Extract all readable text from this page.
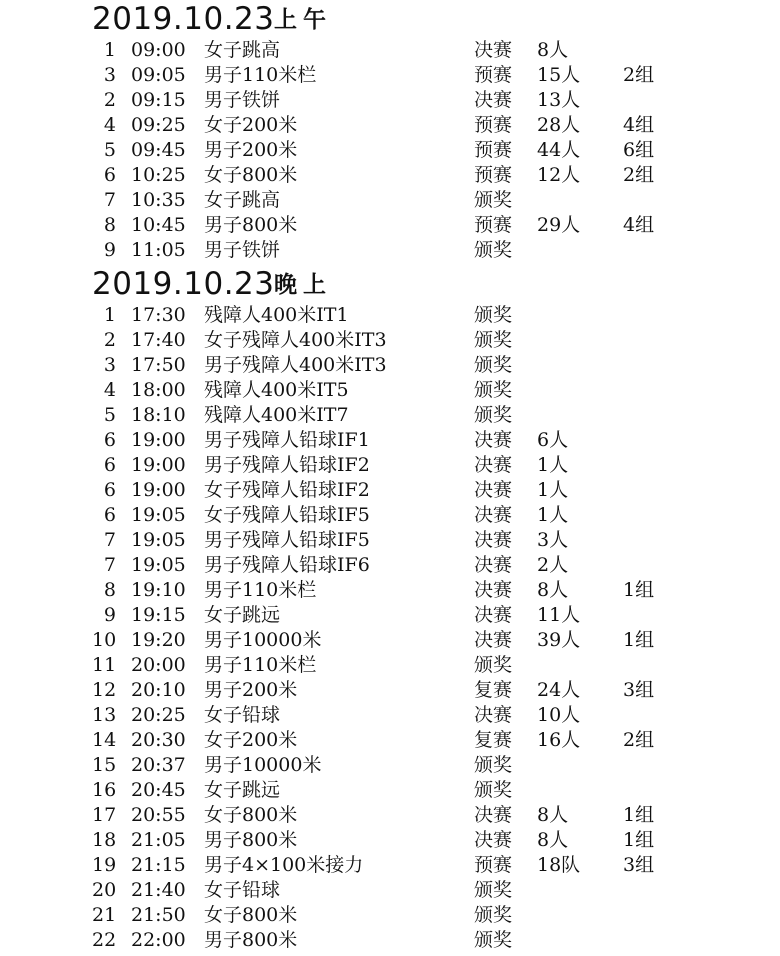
2019.10.23 上午
1 09:00 女子跳高	决赛 8人
3 09:05 男子110米栏	预赛 15人 2组
2 09:15 男子铁饼	决赛 13人
4 09:25 女子200米	预赛 28人 4组
5 09:45 男子200米	预赛 44人 6组
6 10:25 女子800米	预赛 12人 2组
7 10:35 女子跳高	颁奖
8 10:45 男子800米	预赛 29人 4组
9 11:05 男子铁饼	颁奖
2019.10.23 晚上
1 17:30 残障人400米IT1	颁奖
2 17:40 女子残障人400米IT3	颁奖
3 17:50 男子残障人400米IT3	颁奖
4 18:00 残障人400米IT5	颁奖
5 18:10 残障人400米IT7	颁奖
6 19:00 男子残障人铅球IF1	决赛 6人
6 19:00 男子残障人铅球IF2	决赛 1人
6 19:00 女子残障人铅球IF2	决赛 1人
6 19:05 女子残障人铅球IF5	决赛 1人
7 19:05 男子残障人铅球IF5	决赛 3人
7 19:05 男子残障人铅球IF6	决赛 2人
8 19:10 男子110米栏	决赛 8人	1组
9 19:15 女子跳远	决赛 11人
10 19:20 男子10000米	决赛 39人 1组
11 20:00 男子110米栏	颁奖
12 20:10 男子200米	复赛 24人 3组
13 20:25 女子铅球	决赛 10人
14 20:30 女子200米	复赛 16人 2组
15 20:37 男子10000米	颁奖
16 20:45 女子跳远	颁奖
17 20:55 女子800米	决赛 8人	1组
18 21:05 男子800米	决赛 8人	1组
19 21:15 男子4×100米接力	预赛 18队 3组
20 21:40 女子铅球	颁奖
21 21:50 女子800米	颁奖
22 22:00 男子800米	颁奖
